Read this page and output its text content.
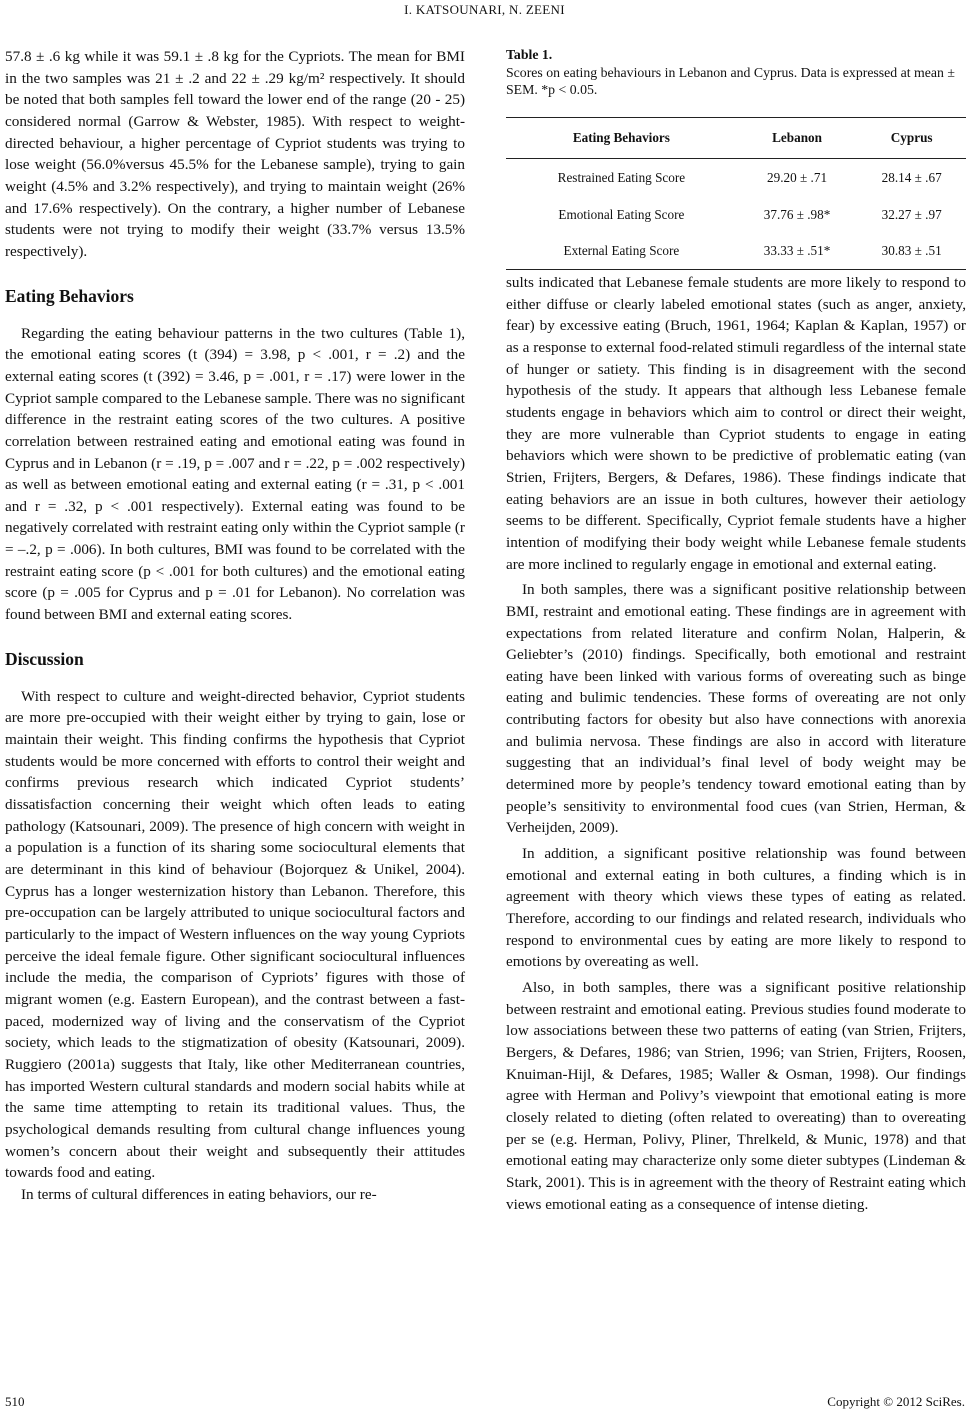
I. KATSOUNARI, N. ZEENI

57.8 ± .6 kg while it was 59.1 ± .8 kg for the Cypriots. The mean for BMI in the two samples was 21 ± .2 and 22 ± .29 kg/m² respectively. It should be noted that both samples fell toward the lower end of the range (20 - 25) considered normal (Garrow & Webster, 1985). With respect to weight-directed behaviour, a higher percentage of Cypriot students was trying to lose weight (56.0%versus 45.5% for the Lebanese sample), trying to gain weight (4.5% and 3.2% respectively), and trying to maintain weight (26% and 17.6% respectively). On the contrary, a higher number of Lebanese students were not trying to modify their weight (33.7% versus 13.5% respectively).

Eating Behaviors

Regarding the eating behaviour patterns in the two cultures (Table 1), the emotional eating scores (t (394) = 3.98, p < .001, r = .2) and the external eating scores (t (392) = 3.46, p = .001, r = .17) were lower in the Cypriot sample compared to the Lebanese sample. There was no significant difference in the restraint eating scores of the two cultures. A positive correlation between restrained eating and emotional eating was found in Cyprus and in Lebanon (r = .19, p = .007 and r = .22, p = .002 respectively) as well as between emotional eating and external eating (r = .31, p < .001 and r = .32, p < .001 respectively). External eating was found to be negatively correlated with restraint eating only within the Cypriot sample (r = –.2, p = .006). In both cultures, BMI was found to be correlated with the restraint eating score (p < .001 for both cultures) and the emotional eating score (p = .005 for Cyprus and p = .01 for Lebanon). No correlation was found between BMI and external eating scores.

Discussion

With respect to culture and weight-directed behavior, Cypriot students are more pre-occupied with their weight either by trying to gain, lose or maintain their weight. This finding confirms the hypothesis that Cypriot students would be more concerned with efforts to control their weight and confirms previous research which indicated Cypriot students’ dissatisfaction concerning their weight which often leads to eating pathology (Katsounari, 2009). The presence of high concern with weight in a population is a function of its sharing some sociocultural elements that are determinant in this kind of behaviour (Bojorquez & Unikel, 2004). Cyprus has a longer westernization history than Lebanon. Therefore, this pre-occupation can be largely attributed to unique sociocultural factors and particularly to the impact of Western influences on the way young Cypriots perceive the ideal female figure. Other significant sociocultural influences include the media, the comparison of Cypriots’ figures with those of migrant women (e.g. Eastern European), and the contrast between a fast-paced, modernized way of living and the conservatism of the Cypriot society, which leads to the stigmatization of obesity (Katsounari, 2009). Ruggiero (2001a) suggests that Italy, like other Mediterranean countries, has imported Western cultural standards and modern social habits while at the same time attempting to retain its traditional values. Thus, the psychological demands resulting from cultural change influences young women’s concern about their weight and subsequently their attitudes towards food and eating.

In terms of cultural differences in eating behaviors, our re-

Table 1.
Scores on eating behaviours in Lebanon and Cyprus. Data is expressed at mean ± SEM. *p < 0.05.
Eating Behaviors	Lebanon	Cyprus
Restrained Eating Score	29.20 ± .71	28.14 ± .67
Emotional Eating Score	37.76 ± .98*	32.27 ± .97
External Eating Score	33.33 ± .51*	30.83 ± .51

sults indicated that Lebanese female students are more likely to respond to either diffuse or clearly labeled emotional states (such as anger, anxiety, fear) by excessive eating (Bruch, 1961, 1964; Kaplan & Kaplan, 1957) or as a response to external food-related stimuli regardless of the internal state of hunger or satiety. This finding is in disagreement with the second hypothesis of the study. It appears that although less Lebanese female students engage in behaviors which aim to control or direct their weight, they are more vulnerable than Cypriot students to engage in eating behaviors which were shown to be predictive of problematic eating (van Strien, Frijters, Bergers, & Defares, 1986). These findings indicate that eating behaviors are an issue in both cultures, however their aetiology seems to be different. Specifically, Cypriot female students have a higher intention of modifying their body weight while Lebanese female students are more inclined to regularly engage in emotional and external eating.

In both samples, there was a significant positive relationship between BMI, restraint and emotional eating. These findings are in agreement with expectations from related literature and confirm Nolan, Halperin, & Geliebter’s (2010) findings. Specifically, both emotional and restraint eating have been linked with various forms of overeating such as binge eating and bulimic tendencies. These forms of overeating are not only contributing factors for obesity but also have connections with anorexia and bulimia nervosa. These findings are also in accord with literature suggesting that an individual’s final level of body weight may be determined more by people’s tendency toward emotional eating than by people’s sensitivity to environmental food cues (van Strien, Herman, & Verheijden, 2009).

In addition, a significant positive relationship was found between emotional and external eating in both cultures, a finding which is in agreement with theory which views these types of eating as related. Therefore, according to our findings and related research, individuals who respond to environmental cues by eating are more likely to respond to emotions by overeating as well.

Also, in both samples, there was a significant positive relationship between restraint and emotional eating. Previous studies found moderate to low associations between these two patterns of eating (van Strien, Frijters, Bergers, & Defares, 1986; van Strien, 1996; van Strien, Frijters, Roosen, Knuiman-Hijl, & Defares, 1985; Waller & Osman, 1998). Our findings agree with Herman and Polivy’s viewpoint that emotional eating is more closely related to dieting (often related to overeating) than to overeating per se (e.g. Herman, Polivy, Pliner, Threlkeld, & Munic, 1978) and that emotional eating may characterize only some dieter subtypes (Lindeman & Stark, 2001). This is in agreement with the theory of Restraint eating which views emotional eating as a consequence of intense dieting.

510	Copyright © 2012 SciRes.
